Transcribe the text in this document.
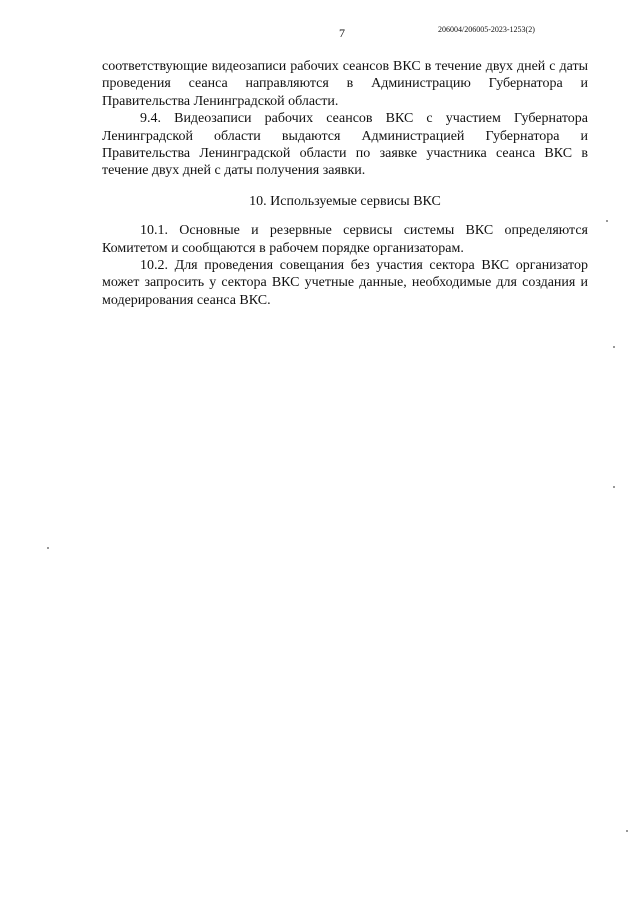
7	206004/206005-2023-1253(2)

соответствующие видеозаписи рабочих сеансов ВКС в течение двух дней с даты проведения сеанса направляются в Администрацию Губернатора и Правительства Ленинградской области.

9.4. Видеозаписи рабочих сеансов ВКС с участием Губернатора Ленинградской области выдаются Администрацией Губернатора и Правительства Ленинградской области по заявке участника сеанса ВКС в течение двух дней с даты получения заявки.

10. Используемые сервисы ВКС

10.1. Основные и резервные сервисы системы ВКС определяются Комитетом и сообщаются в рабочем порядке организаторам.

10.2. Для проведения совещания без участия сектора ВКС организатор может запросить у сектора ВКС учетные данные, необходимые для создания и модерирования сеанса ВКС.
